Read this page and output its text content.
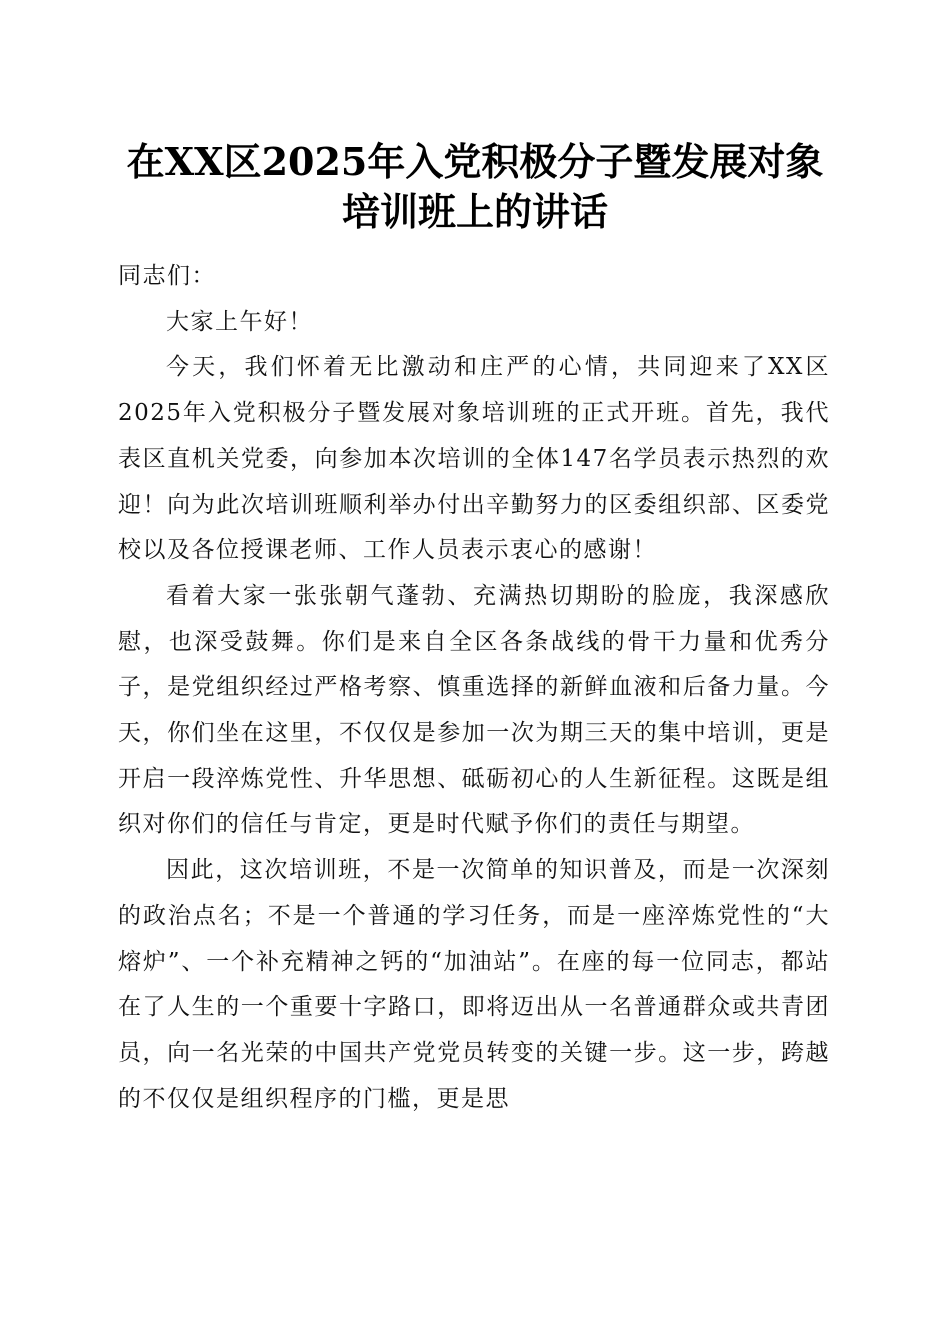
在XX区2025年入党积极分子暨发展对象培训班上的讲话

同志们：

大家上午好！

今天，我们怀着无比激动和庄严的心情，共同迎来了XX区2025年入党积极分子暨发展对象培训班的正式开班。首先，我代表区直机关党委，向参加本次培训的全体147名学员表示热烈的欢迎！向为此次培训班顺利举办付出辛勤努力的区委组织部、区委党校以及各位授课老师、工作人员表示衷心的感谢！

看着大家一张张朝气蓬勃、充满热切期盼的脸庞，我深感欣慰，也深受鼓舞。你们是来自全区各条战线的骨干力量和优秀分子，是党组织经过严格考察、慎重选择的新鲜血液和后备力量。今天，你们坐在这里，不仅仅是参加一次为期三天的集中培训，更是开启一段淬炼党性、升华思想、砥砺初心的人生新征程。这既是组织对你们的信任与肯定，更是时代赋予你们的责任与期望。

因此，这次培训班，不是一次简单的知识普及，而是一次深刻的政治点名；不是一个普通的学习任务，而是一座淬炼党性的“大熔炉”、一个补充精神之钙的“加油站”。在座的每一位同志，都站在了人生的一个重要十字路口，即将迈出从一名普通群众或共青团员，向一名光荣的中国共产党党员转变的关键一步。这一步，跨越的不仅仅是组织程序的门槛，更是思
